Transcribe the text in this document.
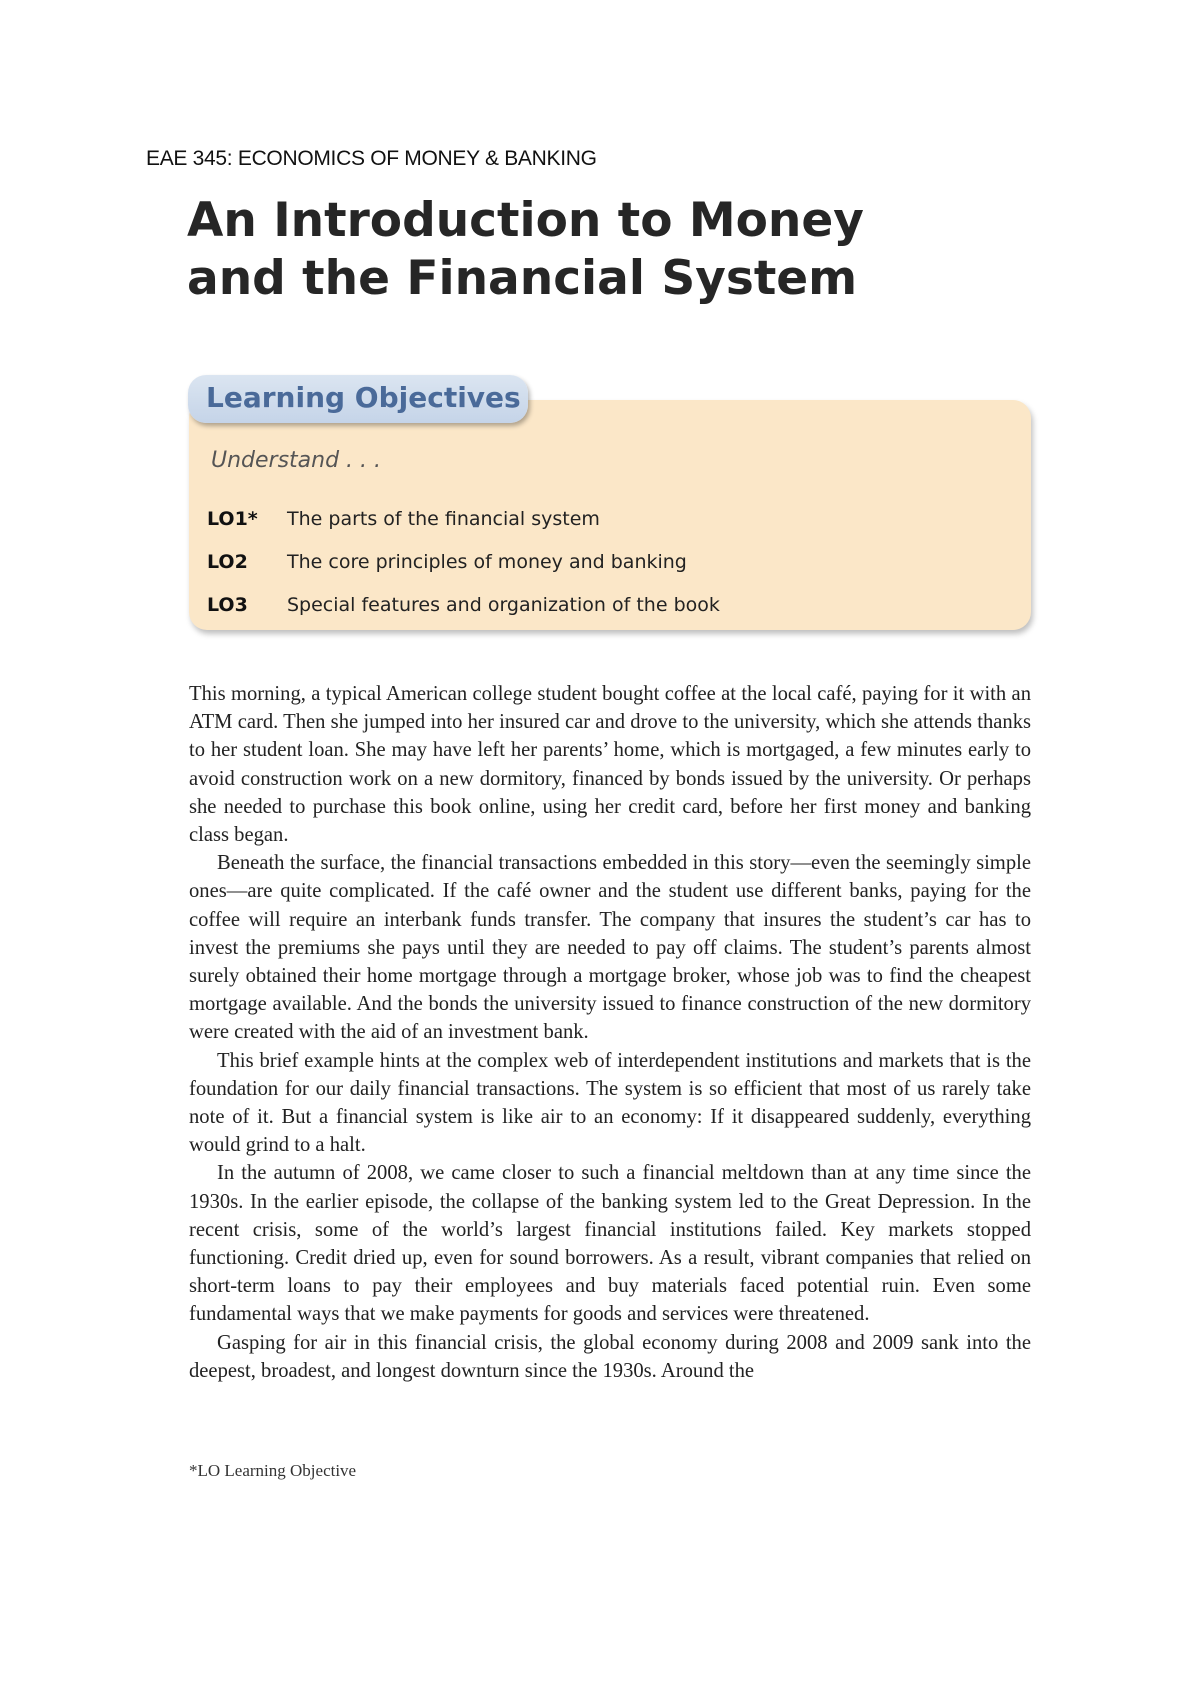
EAE 345: ECONOMICS OF MONEY & BANKING
An Introduction to Money
and the Financial System
Learning Objectives
Understand . . .
LO1*	The parts of the financial system
LO2	The core principles of money and banking
LO3	Special features and organization of the book

This morning, a typical American college student bought coffee at the local café, paying for it with an ATM card. Then she jumped into her insured car and drove to the university, which she attends thanks to her student loan. She may have left her parents’ home, which is mortgaged, a few minutes early to avoid construction work on a new dormitory, financed by bonds issued by the university. Or perhaps she needed to purchase this book online, using her credit card, before her first money and banking class began.

Beneath the surface, the financial transactions embedded in this story—even the seemingly simple ones—are quite complicated. If the café owner and the student use different banks, paying for the coffee will require an interbank funds transfer. The company that insures the student’s car has to invest the premiums she pays until they are needed to pay off claims. The student’s parents almost surely obtained their home mortgage through a mortgage broker, whose job was to find the cheapest mortgage available. And the bonds the university issued to finance construction of the new dormitory were created with the aid of an investment bank.

This brief example hints at the complex web of interdependent institutions and markets that is the foundation for our daily financial transactions. The system is so efficient that most of us rarely take note of it. But a financial system is like air to an economy: If it disappeared suddenly, everything would grind to a halt.

In the autumn of 2008, we came closer to such a financial meltdown than at any time since the 1930s. In the earlier episode, the collapse of the banking system led to the Great Depression. In the recent crisis, some of the world’s largest financial institutions failed. Key markets stopped functioning. Credit dried up, even for sound borrowers. As a result, vibrant companies that relied on short-term loans to pay their employees and buy materials faced potential ruin. Even some fundamental ways that we make payments for goods and services were threatened.

Gasping for air in this financial crisis, the global economy during 2008 and 2009 sank into the deepest, broadest, and longest downturn since the 1930s. Around the

*LO Learning Objective
